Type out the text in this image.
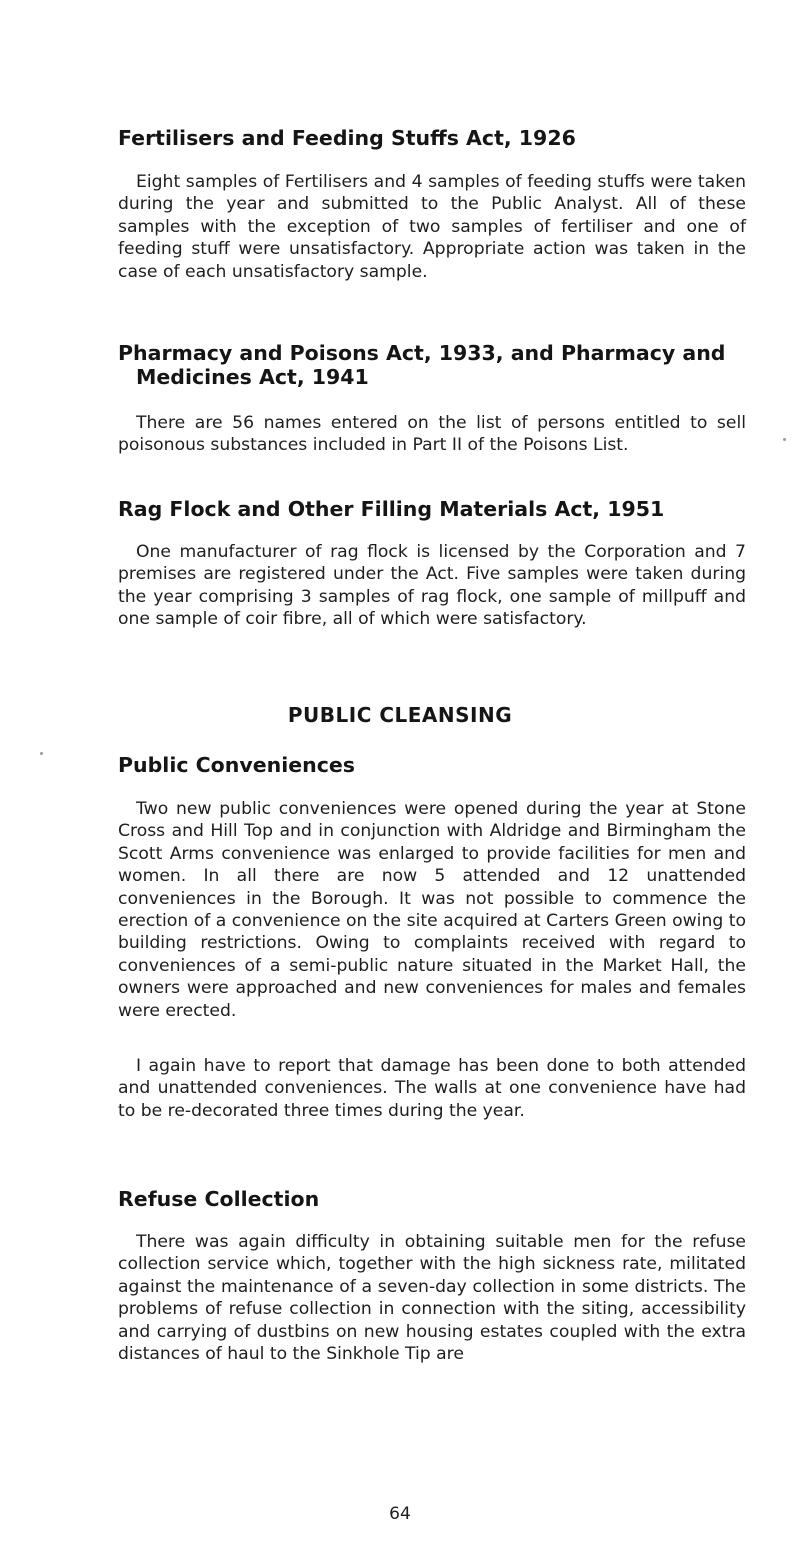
Fertilisers and Feeding Stuffs Act, 1926

Eight samples of Fertilisers and 4 samples of feeding stuffs were taken during the year and submitted to the Public Analyst. All of these samples with the exception of two samples of fertiliser and one of feeding stuff were unsatisfactory. Appropriate action was taken in the case of each unsatisfactory sample.

Pharmacy and Poisons Act, 1933, and Pharmacy and
Medicines Act, 1941

There are 56 names entered on the list of persons entitled to sell poisonous substances included in Part II of the Poisons List.

Rag Flock and Other Filling Materials Act, 1951

One manufacturer of rag flock is licensed by the Corporation and 7 premises are registered under the Act. Five samples were taken during the year comprising 3 samples of rag flock, one sample of millpuff and one sample of coir fibre, all of which were satisfactory.

PUBLIC CLEANSING
Public Conveniences

Two new public conveniences were opened during the year at Stone Cross and Hill Top and in conjunction with Aldridge and Birmingham the Scott Arms convenience was enlarged to provide facilities for men and women. In all there are now 5 attended and 12 unattended conveniences in the Borough. It was not possible to commence the erection of a convenience on the site acquired at Carters Green owing to building restrictions. Owing to complaints received with regard to conveniences of a semi-public nature situated in the Market Hall, the owners were approached and new conveniences for males and females were erected.

I again have to report that damage has been done to both attended and unattended conveniences. The walls at one convenience have had to be re-decorated three times during the year.

Refuse Collection

There was again difficulty in obtaining suitable men for the refuse collection service which, together with the high sickness rate, militated against the maintenance of a seven-day collection in some districts. The problems of refuse collection in connection with the siting, accessibility and carrying of dustbins on new housing estates coupled with the extra distances of haul to the Sinkhole Tip are

64
